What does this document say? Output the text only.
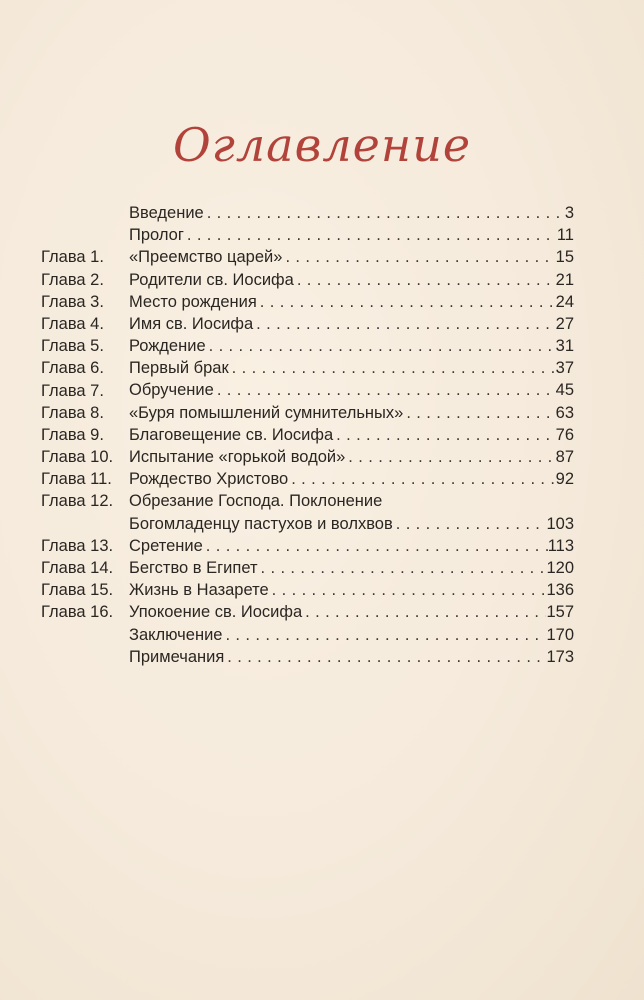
Оглавление
Введение . . .	3
Пролог . . .	11
Глава 1.	«Преемство царей» . . .	15
Глава 2.	Родители св. Иосифа . . .	21
Глава 3.	Место рождения . . .	24
Глава 4.	Имя св. Иосифа . . .	27
Глава 5.	Рождение . . .	31
Глава 6.	Первый брак . . .	37
Глава 7.	Обручение . . .	45
Глава 8.	«Буря помышлений сумнительных» . . .	63
Глава 9.	Благовещение св. Иосифа . . .	76
Глава 10. Испытание «горькой водой» . . .	87
Глава 11.	Рождество Христово . . .	92
Глава 12. Обрезание Господа. Поклонение
Богомладенцу пастухов и волхвов . . .	103
Глава 13. Сретение . . .	113
Глава 14. Бегство в Египет . . .	120
Глава 15. Жизнь в Назарете . . .	136
Глава 16. Упокоение св. Иосифа . . .	157
Заключение . . .	170
Примечания . . .	173
